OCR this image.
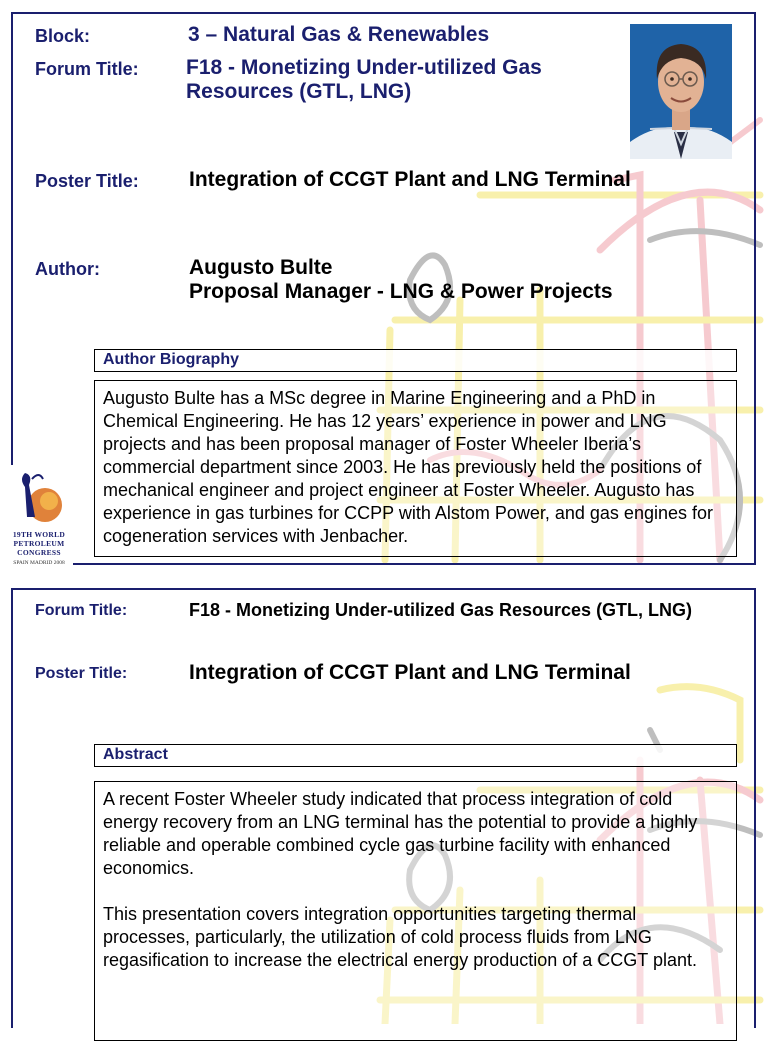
Block:	3 – Natural Gas & Renewables
Forum Title: F18 - Monetizing Under-utilized Gas
Resources (GTL, LNG)
Poster Title: Integration of CCGT Plant and LNG Terminal
Author:	Augusto Bulte
Proposal Manager - LNG & Power Projects
Author Biography

Augusto Bulte has a MSc degree in Marine Engineering and a PhD in Chemical Engineering. He has 12 years’ experience in power and LNG projects and has been proposal manager of Foster Wheeler Iberia’s commercial department since 2003. He has previously held the positions of mechanical engineer and project engineer at Foster Wheeler. Augusto has experience in gas turbines for CCPP with Alstom Power, and gas engines for cogeneration services with Jenbacher.

19TH WORLD
PETROLEUM
CONGRESS
SPAIN MADRID 2008
Forum Title:	F18 - Monetizing Under-utilized Gas Resources (GTL, LNG)
Poster Title:	Integration of CCGT Plant and LNG Terminal
Abstract

A recent Foster Wheeler study indicated that process integration of cold energy recovery from an LNG terminal has the potential to provide a highly reliable and operable combined cycle gas turbine facility with enhanced economics.

This presentation covers integration opportunities targeting thermal processes, particularly, the utilization of cold process fluids from LNG regasification to increase the electrical energy production of a CCGT plant.
